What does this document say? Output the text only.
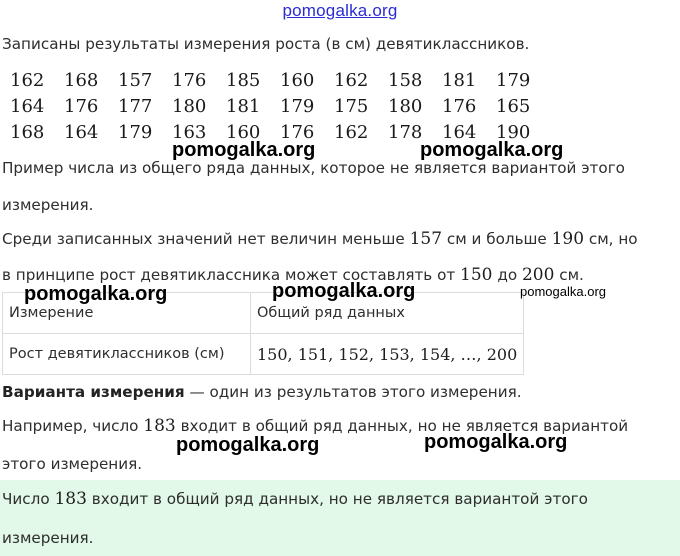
pomogalka.org
Записаны результаты измерения роста (в см) девятиклассников.
162	168	157	176	185	160	162	158	181	179
164	176	177	180	181	179	175	180	176	165
168	164	179	163	160	176	162	178	164	190
Пример числа из общего ряда данных, которое не является вариантой этого
измерения.
Среди записанных значений нет величин меньше 157 см и больше 190 см, но
в принципе рост девятиклассника может составлять от 150 до 200 см.
Измерение	Общий ряд данных
Рост девятиклассников (см)	150, 151, 152, 153, 154, …, 200
Варианта измерения — один из результатов этого измерения.
Например, число 183 входит в общий ряд данных, но не является вариантой
этого измерения.
Число 183 входит в общий ряд данных, но не является вариантой этого
измерения.
pomogalka.org	pomogalka.org
pomogalka.org	pomogalka.org	pomogalka.org
pomogalka.org	pomogalka.org
